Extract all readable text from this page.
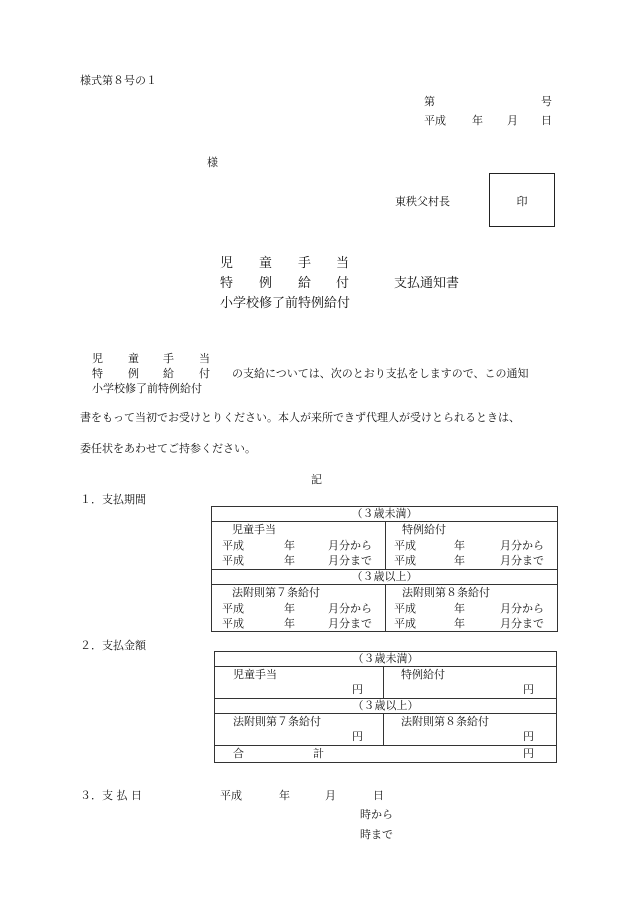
様式第８号の１
第	号
平成 年 月 日
様
東秩父村長	印
児 童 手 当
特 例 給 付	支払通知書
小学校修了前特例給付
児 童 手 当
特 例 給 付 の支給については、次のとおり支払をしますので、この通知
小学校修了前特例給付
書をもって当初でお受けとりください。本人が来所できず代理人が受けとられるときは、
委任状をあわせてご持参ください。
記
１．支払期間
（３歳未満）
児童手当	特例給付
平成	年	月分から 平成	年	月分から
平成	年	月分まで 平成	年	月分まで
（３歳以上）
法附則第７条給付	法附則第８条給付
平成	年	月分から 平成	年	月分から
平成	年	月分まで 平成	年	月分まで
２．支払金額
（３歳未満）
児童手当	特例給付
円	円
（３歳以上）
法附則第７条給付	法附則第８条給付
円	円
合	計	円
３．支 払 日	平成	年	月	日
時から
時まで
